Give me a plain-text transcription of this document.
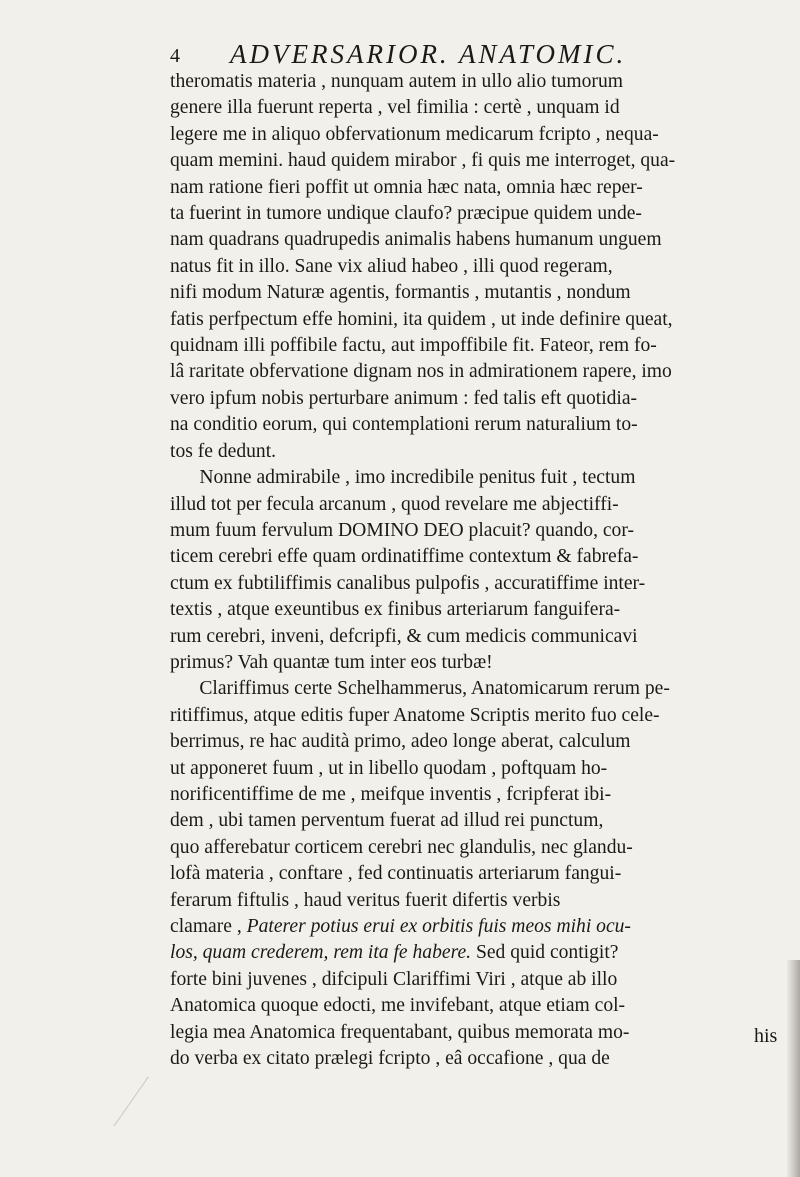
4 ADVERSARIOR. ANATOMIC.
theromatis materia , nunquam autem in ullo alio tumorum
genere illa fuerunt reperta , vel fimilia : certè , unquam id
legere me in aliquo obfervationum medicarum fcripto , nequa-
quam memini. haud quidem mirabor , fi quis me interroget, qua-
nam ratione fieri poffit ut omnia hæc nata, omnia hæc reper-
ta fuerint in tumore undique claufo? præcipue quidem unde-
nam quadrans quadrupedis animalis habens humanum unguem
natus fit in illo. Sane vix aliud habeo , illi quod regeram,
nifi modum Naturæ agentis, formantis , mutantis , nondum
fatis perfpectum effe homini, ita quidem , ut inde definire queat,
quidnam illi poffibile factu, aut impoffibile fit. Fateor, rem fo-
lâ raritate obfervatione dignam nos in admirationem rapere, imo
vero ipfum nobis perturbare animum : fed talis eft quotidia-
na conditio eorum, qui contemplationi rerum naturalium to-
tos fe dedunt.
Nonne admirabile , imo incredibile penitus fuit , tectum
illud tot per fecula arcanum , quod revelare me abjectiffi-
mum fuum fervulum DOMINO DEO placuit? quando, cor-
ticem cerebri effe quam ordinatiffime contextum & fabrefa-
ctum ex fubtiliffimis canalibus pulpofis , accuratiffime inter-
textis , atque exeuntibus ex finibus arteriarum fanguifera-
rum cerebri, inveni, defcripfi, & cum medicis communicavi
primus? Vah quantæ tum inter eos turbæ!
Clariffimus certe Schelhammerus, Anatomicarum rerum pe-
ritiffimus, atque editis fuper Anatome Scriptis merito fuo cele-
berrimus, re hac audità primo, adeo longe aberat, calculum
ut apponeret fuum , ut in libello quodam , poftquam ho-
norificentiffime de me , meifque inventis , fcripferat ibi-
dem , ubi tamen perventum fuerat ad illud rei punctum,
quo afferebatur corticem cerebri nec glandulis, nec glandu-
lofà materia , conftare , fed continuatis arteriarum fangui-
ferarum fiftulis , haud veritus fuerit difertis verbis
clamare , Paterer potius erui ex orbitis fuis meos mihi ocu-
los, quam crederem, rem ita fe habere. Sed quid contigit?
forte bini juvenes , difcipuli Clariffimi Viri , atque ab illo
Anatomica quoque edocti, me invifebant, atque etiam col-
legia mea Anatomica frequentabant, quibus memorata mo-
do verba ex citato prælegi fcripto , eâ occafione , qua de
his
